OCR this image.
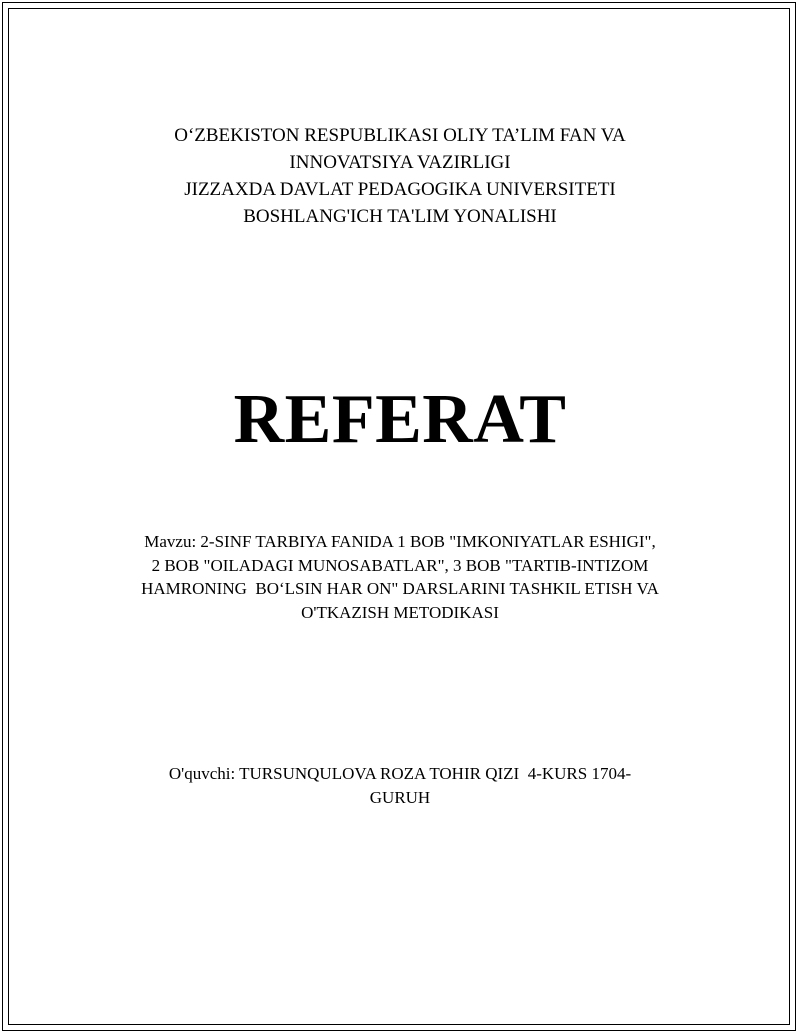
O‘ZBEKISTON RESPUBLIKASI OLIY TA’LIM FAN VA
INNOVATSIYA VAZIRLIGI
JIZZAXDA DAVLAT PEDAGOGIKA UNIVERSITETI
BOSHLANG'ICH TA'LIM YONALISHI
REFERAT
Mavzu: 2-SINF TARBIYA FANIDA 1 BOB "IMKONIYATLAR ESHIGI",
2 BOB "OILADAGI MUNOSABATLAR", 3 BOB "TARTIB-INTIZOM
HAMRONING  BO‘LSIN HAR ON" DARSLARINI TASHKIL ETISH VA
O'TKAZISH METODIKASI
O'quvchi: TURSUNQULOVA ROZA TOHIR QIZI  4-KURS 1704-
GURUH
